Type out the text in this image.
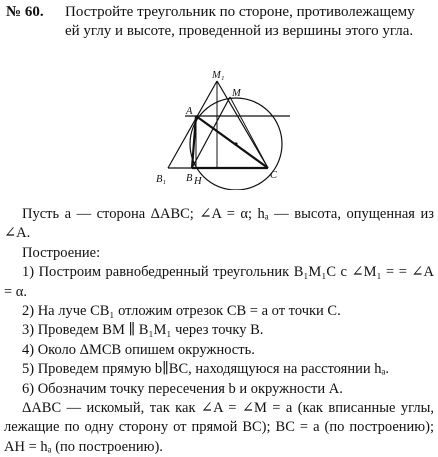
№ 60. Постройте треугольник по стороне, противолежащему ей углу и высоте, проведенной из вершины этого угла.
M₁
M
A
B₁ B H
C

Пусть a — сторона ΔABC; ∠A = α; hₐ — высота, опущенная из ∠A.

Построение:

1) Построим равнобедренный треугольник B₁M₁C с ∠M₁ = = ∠A = α.

2) На луче CB₁ отложим отрезок CB = a от точки C.

3) Проведем BM ∥ B₁M₁ через точку B.

4) Около ΔMCB опишем окружность.

5) Проведем прямую b∥BC, находящуюся на расстоянии hₐ.

6) Обозначим точку пересечения b и окружности A.

ΔABC — искомый, так как ∠A = ∠M = a (как вписанные углы, лежащие по одну сторону от прямой BC); BC = a (по построению); AH = hₐ (по построению).
